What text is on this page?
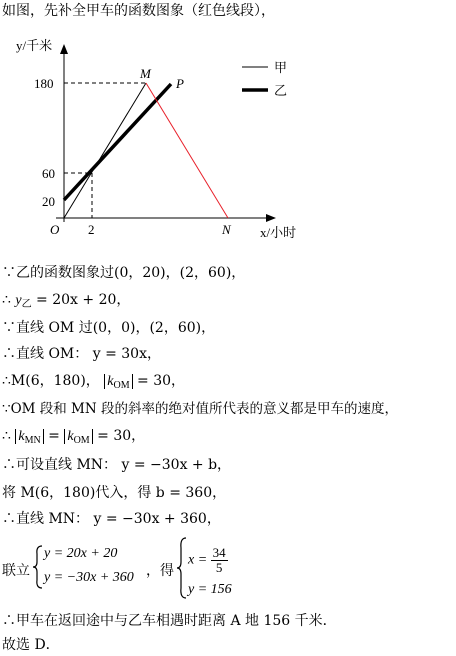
如图，先补全甲车的函数图象（红色线段），
y/千米
x/小时
O
180
60
20
2
M
P
N
甲
乙
∵乙的函数图象过(0，20)，(2，60)，
∴ $y_乙 = 20x + 20$，
∵直线 OM 过(0，0)，(2，60)，
∴直线 OM： y = 30x，
∴M(6，180)， $k_{OM} = 30$，
∵OM 段和 MN 段的斜率的绝对值所代表的意义都是甲车的速度，
∴ $k_{MN} = k_{OM} = 30$，
∴可设直线 MN： y = −30x + b，
将 M(6，180)代入，得 b = 360，
∴直线 MN： y = −30x + 360，
联立
y = 20x + 20
y = −30x + 360 ，得
$x = \frac{34}{5}$
y = 156
∴甲车在返回途中与乙车相遇时距离 A 地 156 千米．
故选 D．
